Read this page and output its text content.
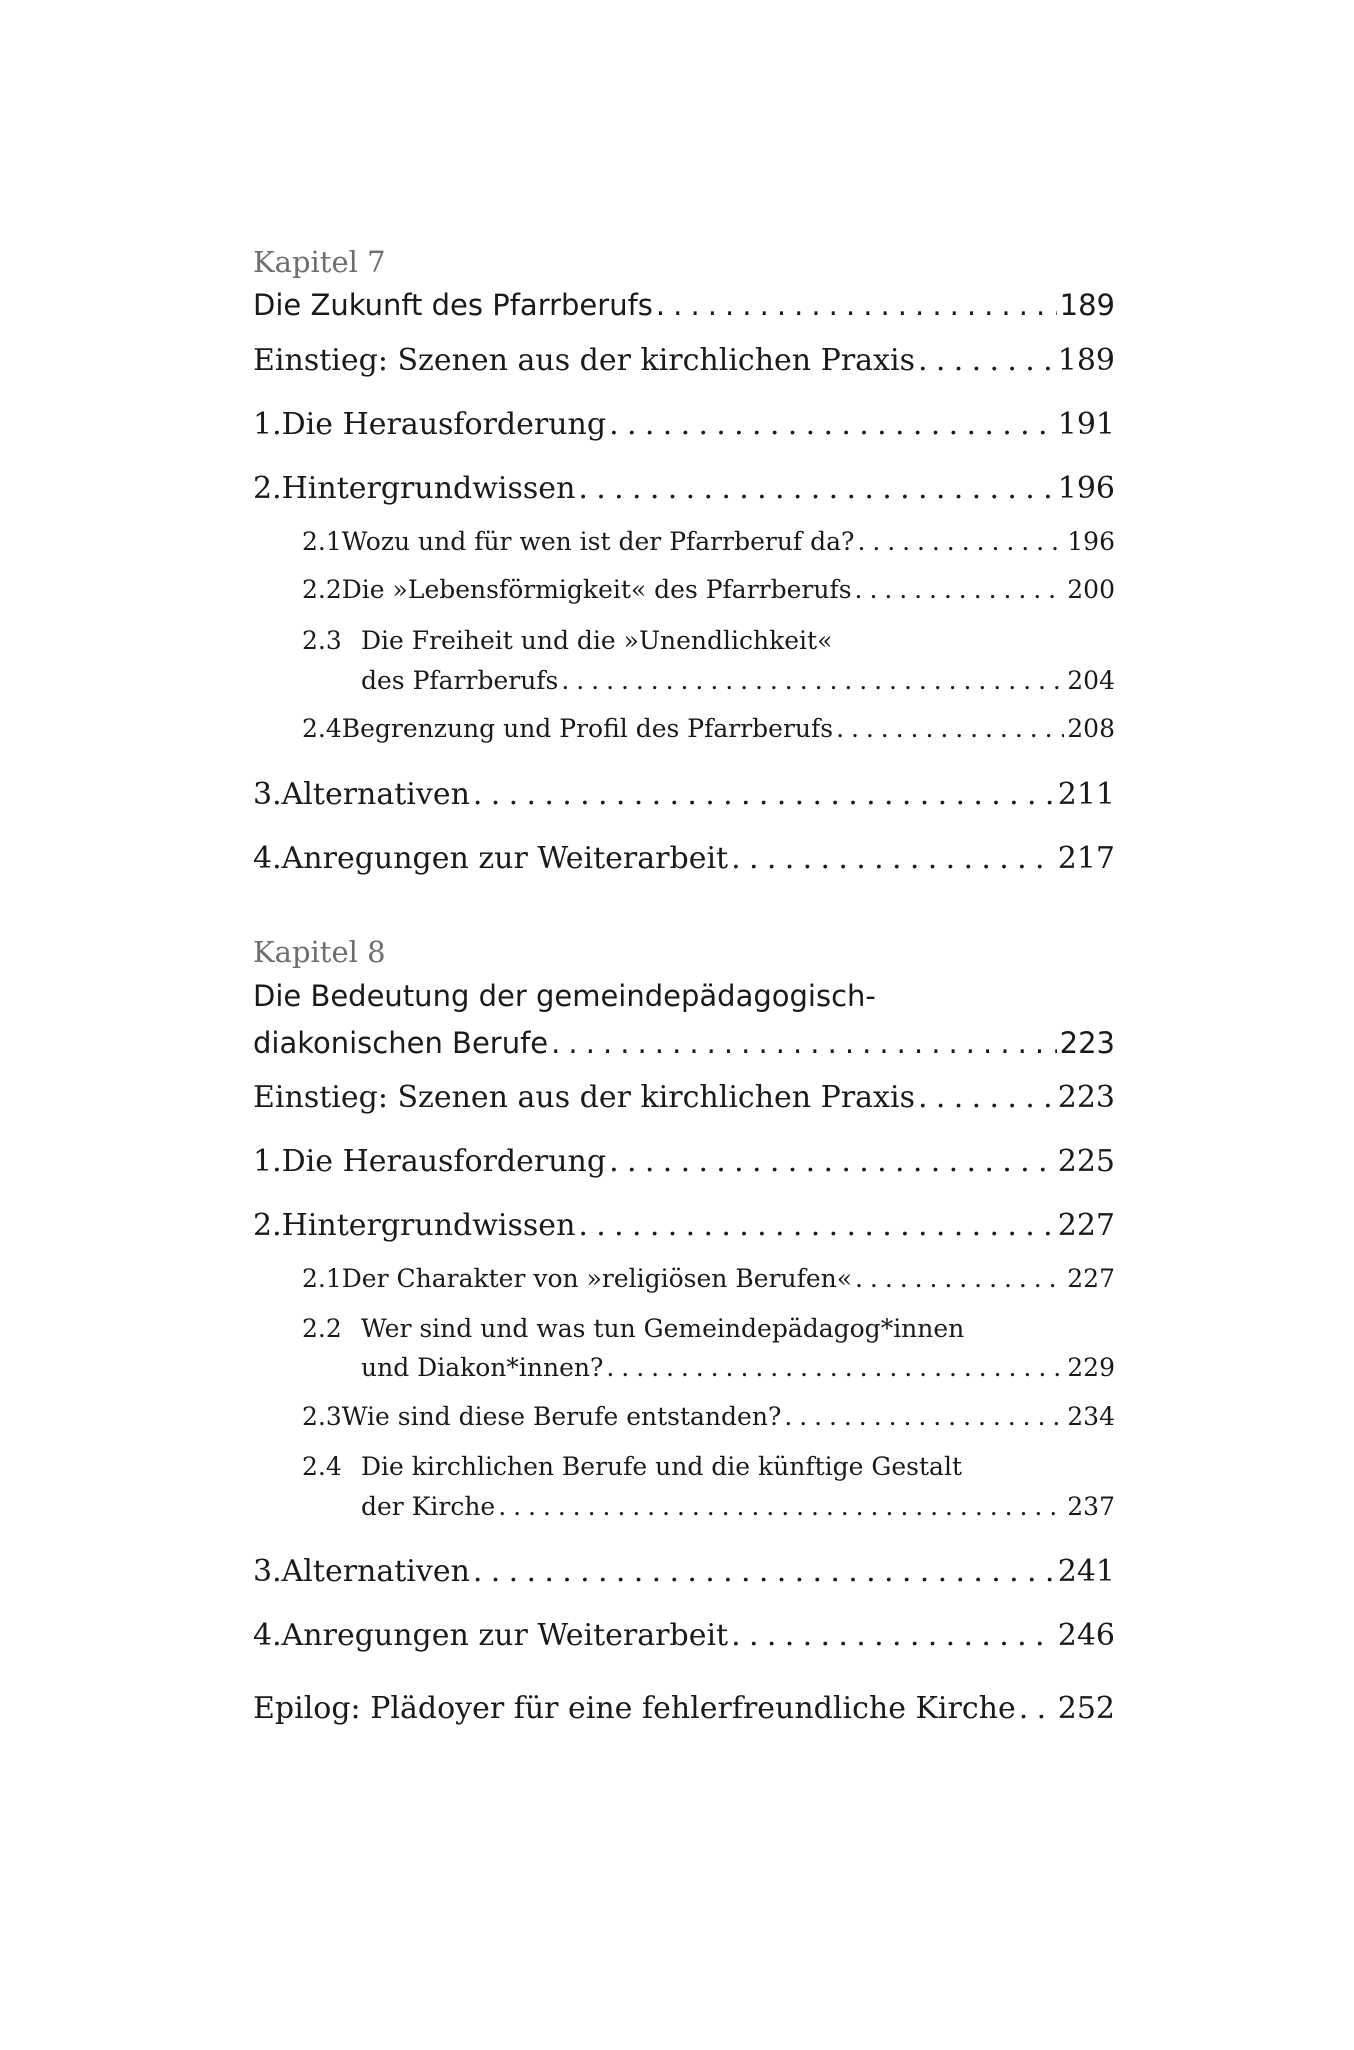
Kapitel 7
Die Zukunft des Pfarrberufs . . .	189
Einstieg: Szenen aus der kirchlichen Praxis . . .	189
1. Die Herausforderung . . .	191
2. Hintergrundwissen . . .	196
2.1 Wozu und für wen ist der Pfarrberuf da? . . .	196
2.2 Die »Lebensförmigkeit« des Pfarrberufs . . .	200
2.3 Die Freiheit und die »Unendlichkeit«
des Pfarrberufs . . .	204
2.4 Begrenzung und Profil des Pfarrberufs . . .	208
3. Alternativen . . .	211
4. Anregungen zur Weiterarbeit . . .	217
Kapitel 8
Die Bedeutung der gemeindepädagogisch-
diakonischen Berufe . . .	223
Einstieg: Szenen aus der kirchlichen Praxis . . .	223
1. Die Herausforderung . . .	225
2. Hintergrundwissen . . .	227
2.1 Der Charakter von »religiösen Berufen« . . .	227
2.2 Wer sind und was tun Gemeindepädagog*innen
und Diakon*innen? . . .	229
2.3 Wie sind diese Berufe entstanden? . . .	234
2.4 Die kirchlichen Berufe und die künftige Gestalt
der Kirche . . .	237
3. Alternativen . . .	241
4. Anregungen zur Weiterarbeit . . .	246
Epilog: Plädoyer für eine fehlerfreundliche Kirche . . . 252
